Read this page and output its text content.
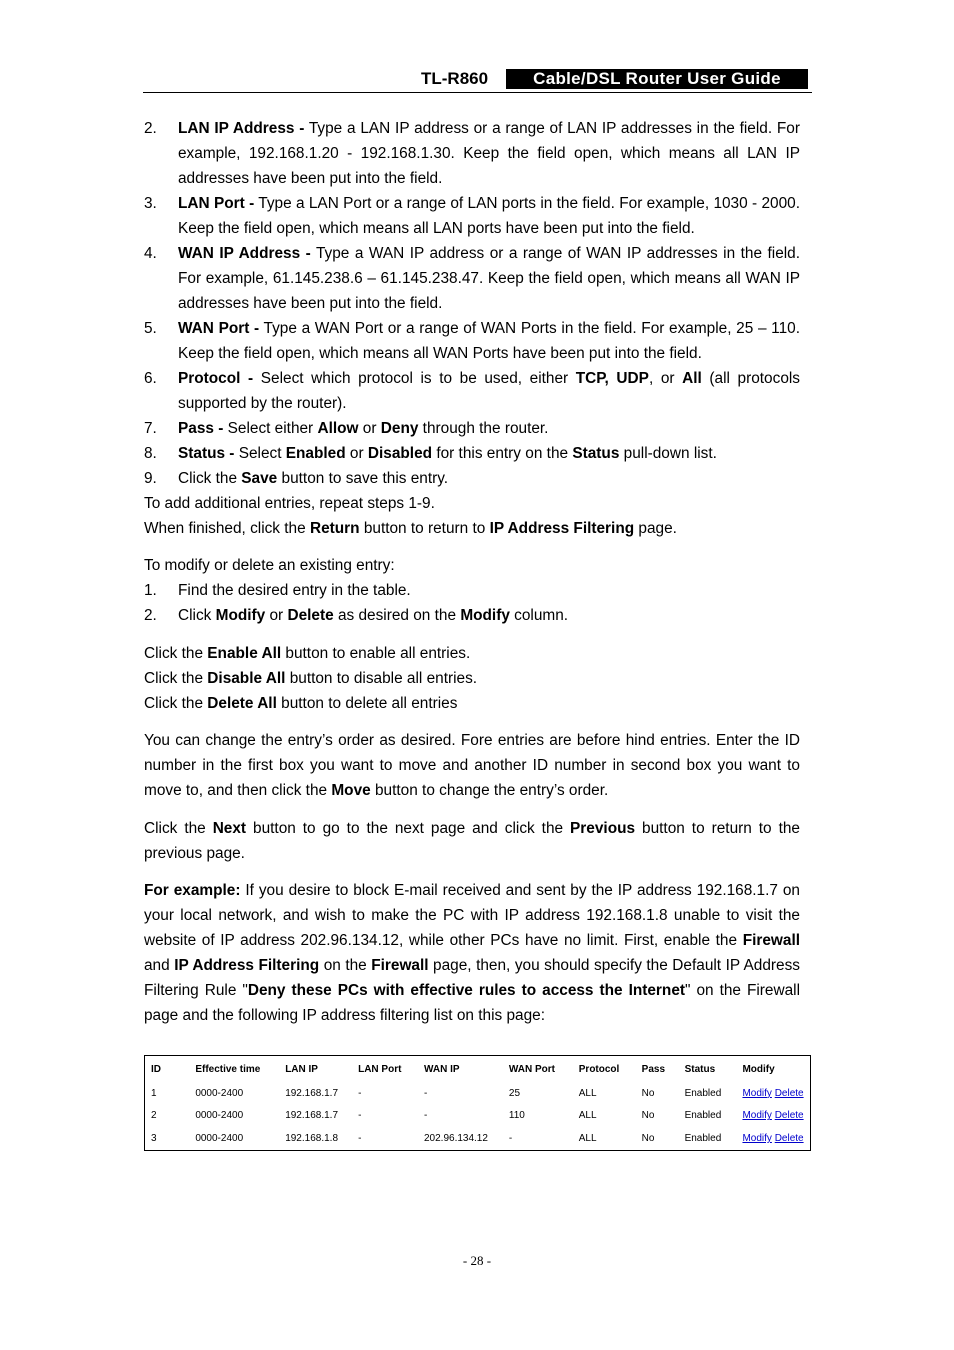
TL-R860	Cable/DSL Router User Guide
2.	LAN IP Address - Type a LAN IP address or a range of LAN IP addresses in the field. For example, 192.168.1.20 - 192.168.1.30. Keep the field open, which means all LAN IP addresses have been put into the field.
3.	LAN Port - Type a LAN Port or a range of LAN ports in the field. For example, 1030 - 2000. Keep the field open, which means all LAN ports have been put into the field.
4.	WAN IP Address - Type a WAN IP address or a range of WAN IP addresses in the field. For example, 61.145.238.6 – 61.145.238.47. Keep the field open, which means all WAN IP addresses have been put into the field.
5.	WAN Port - Type a WAN Port or a range of WAN Ports in the field. For example, 25 – 110. Keep the field open, which means all WAN Ports have been put into the field.
6.	Protocol - Select which protocol is to be used, either TCP, UDP, or All (all protocols supported by the router).
7.	Pass - Select either Allow or Deny through the router.
8.	Status - Select Enabled or Disabled for this entry on the Status pull-down list.
9.	Click the Save button to save this entry.

To add additional entries, repeat steps 1-9.

When finished, click the Return button to return to IP Address Filtering page.

To modify or delete an existing entry:

1.	Find the desired entry in the table.
2.	Click Modify or Delete as desired on the Modify column.

Click the Enable All button to enable all entries.

Click the Disable All button to disable all entries.

Click the Delete All button to delete all entries

You can change the entry’s order as desired. Fore entries are before hind entries. Enter the ID number in the first box you want to move and another ID number in second box you want to move to, and then click the Move button to change the entry’s order.

Click the Next button to go to the next page and click the Previous button to return to the previous page.

For example: If you desire to block E-mail received and sent by the IP address 192.168.1.7 on your local network, and wish to make the PC with IP address 192.168.1.8 unable to visit the website of IP address 202.96.134.12, while other PCs have no limit. First, enable the Firewall and IP Address Filtering on the Firewall page, then, you should specify the Default IP Address Filtering Rule "Deny these PCs with effective rules to access the Internet" on the Firewall page and the following IP address filtering list on this page:

ID	Effective time	LAN IP	LAN Port	WAN IP	WAN Port	Protocol	Pass	Status	Modify
1	0000-2400	192.168.1.7	-	-	25	ALL	No	Enabled	Modify Delete
2	0000-2400	192.168.1.7	-	-	110	ALL	No	Enabled	Modify Delete
3	0000-2400	192.168.1.8	-	202.96.134.12	-	ALL	No	Enabled	Modify Delete
- 28 -
